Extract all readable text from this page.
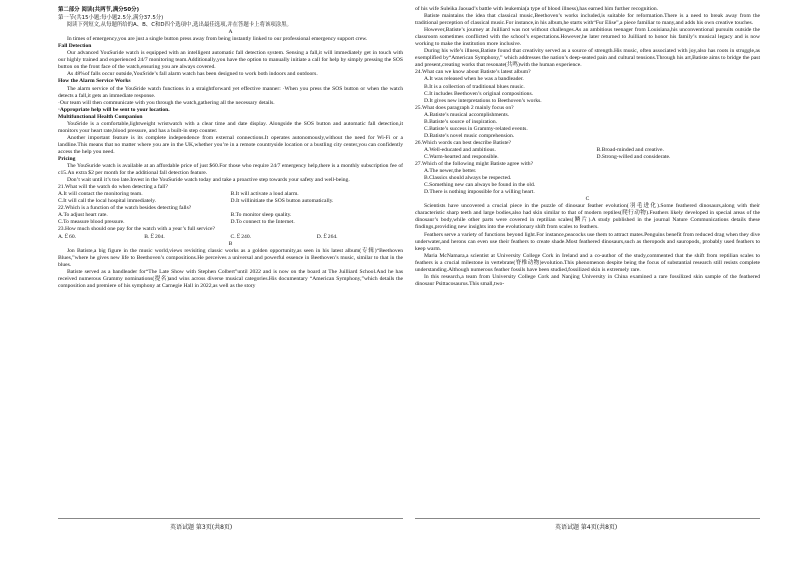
第二部分 阅读(共两节,满分50分)

第一节(共15小题;每小题2.5分,满分37.5分)

阅读下列短文,从每题所给的A、B、C和D四个选项中,选出最佳选项,并在答题卡上将该项涂黑。

A

In times of emergency,you are just a single button press away from being instantly linked to our professional emergency support crew.

Fall Detection

Our advanced YouSuride watch is equipped with an intelligent automatic fall detection system. Sensing a fall,it will immediately get in touch with our highly trained and experienced 24/7 monitoring team.Additionally,you have the option to manually initiate a call for help by simply pressing the SOS button on the front face of the watch,ensuring you are always covered.

As 48%of falls occur outside,YouSride’s fall alarm watch has been designed to work both indoors and outdoors.

How the Alarm Service Works

The alarm service of the YouSride watch functions in a straightforward yet effective manner: ·When you press the SOS button or when the watch detects a fall,it gets an immediate response.

·Our team will then communicate with you through the watch,gathering all the necessary details.

·Appropriate help will be sent to your location.

Multifunctional Health Companion

YouSride is a comfortable,lightweight wristwatch with a clear time and date display. Alongside the SOS button and automatic fall detection,it monitors your heart rate,blood pressure, and has a built-in step counter.

Another important feature is its complete independence from external connections.It operates autonomously,without the need for Wi-Fi or a landline.This means that no matter where you are in the UK,whether you’re in a remote countryside location or a bustling city center,you can confidently access the help you need.

Pricing

The YouSuride watch is available at an affordable price of just $60.For those who require 24/7 emergency help,there is a monthly subscription fee of c15.An extra $2 per month for the additional fall detection feature.

Don’t wait until it’s too late.Invest in the YouSuride watch today and take a proactive step towards your safety and well-being.

21.What will the watch do when detecting a fall?

A.It will contact the monitoring team.	B.It will activate a loud alarm.

C.It will call the local hospital immediately.	D.It willinitiate the SOS button automatically.

22.Which is a function of the watch besides detecting falls?

A.To adjust heart rate.	B.To monitor sleep quality.

C.To measure blood pressure.	D.To connect to the Internet.

23.How much should one pay for the watch with a year’s full service?

A.￡60.	B.￡204.	C.￡240.	D.￡264.

B

Jon Batiste,a big figure in the music world,views revisiting classic works as a golden opportunity,as seen in his latest album(专辑)“Beethoven Blues,”where he gives new life to Beethoven’s compositions.He perceives a universal and powerful essence in Beethoven’s music, similar to that in the blues.

Batiste served as a bandleader for“The Late Show with Stephen Colbert”until 2022 and is now on the board at The Juilliard School.And he has received numerous Grammy nominations(提名)and wins across diverse musical categories.His documentary “American Symphony,”which details the composition and premiere of his symphony at Carnegie Hall in 2022,as well as the story

of his wife Suleika Jaouad’s battle with leukemia(a type of blood illness),has earned him further recognition.

Batiste maintains the idea that classical music,Beethoven’s works included,is suitable for reformation.There is a need to break away from the traditional perception of classical music.For instance,in his album,he starts with“Fur Elise”,a piece familiar to many,and adds his own creative touches.

However,Batiste’s journey at Juilliard was not without challenges.As an ambitious teenager from Louisiana,his unconventional pursuits outside the classroom sometimes conflicted with the school’s expectations.However,he later returned to Juilliard to honor his family’s musical legacy and is now working to make the institution more inclusive.

During his wife’s illness,Batiste found that creativity served as a source of strength.His music, often associated with joy,also has roots in struggle,as exemplified by“American Symphony,” which addresses the nation’s deep-seated pain and cultural tensions.Through his art,Batiste aims to bridge the past and present,creating works that resonate(共鸣)with the human experience.

24.What can we know about Batiste’s latest album?

A.It was released when he was a bandleader.

B.It is a collection of traditional blues music.

C.It includes Beethoven’s original compositions.

D.It gives new interpretations to Beethoven’s works.

25.What does paragraph 2 mainly focus on?

A.Batiste’s musical accomplishments.

B.Batiste’s source of inspiration.

C.Batiste’s success in Grammy-related events.

D.Batiste’s novel music comprehension.

26.Which words can best describe Batiste?

A.Well-educated and ambitious.	B.Broad-minded and creative.

C.Warm-hearted and responsible.	D.Strong-willed and considerate.

27.Which of the following might Batiste agree with?

A.The newer,the better.

B.Classics should always be respected.

C.Something new can always be found in the old.

D.There is nothing impossible for a willing heart.

C

Scientists have uncovered a crucial piece in the puzzle of dinosaur feather evolution(羽毛进化).Some feathered dinosaurs,along with their characteristic sharp teeth and large bodies,also had skin similar to that of modern reptiles(爬行动物).Feathers likely developed in special areas of the dinosaur’s body,while other parts were covered in reptilian scales(鳞片).A study published in the journal Nature Communications details these findings,providing new insights into the evolutionary shift from scales to feathers.

Feathers serve a variety of functions beyond light.For instance,peacocks use them to attract mates.Penguins benefit from reduced drag when they dive underwater,and herons can even use their feathers to create shade.Most feathered dinosaurs,such as theropods and sauropods, probably used feathers to keep warm.

Maria McNamara,a scientist at University College Cork in Ireland and a co-author of the study,commented that the shift from reptilian scales to feathers is a crucial milestone in vertebrate(脊椎动物)evolution.This phenomenon despite being the focus of substantial research still resists complete understanding.Although numerous feather fossils have been studied,fossilized skin is extremely rare.

In this research,a team from University College Cork and Nanjing University in China examined a rare fossilized skin sample of the feathered dinosaur Psittacosaurus.This small,two-

英语试题 第3页(共8页)	英语试题 第4页(共8页)
